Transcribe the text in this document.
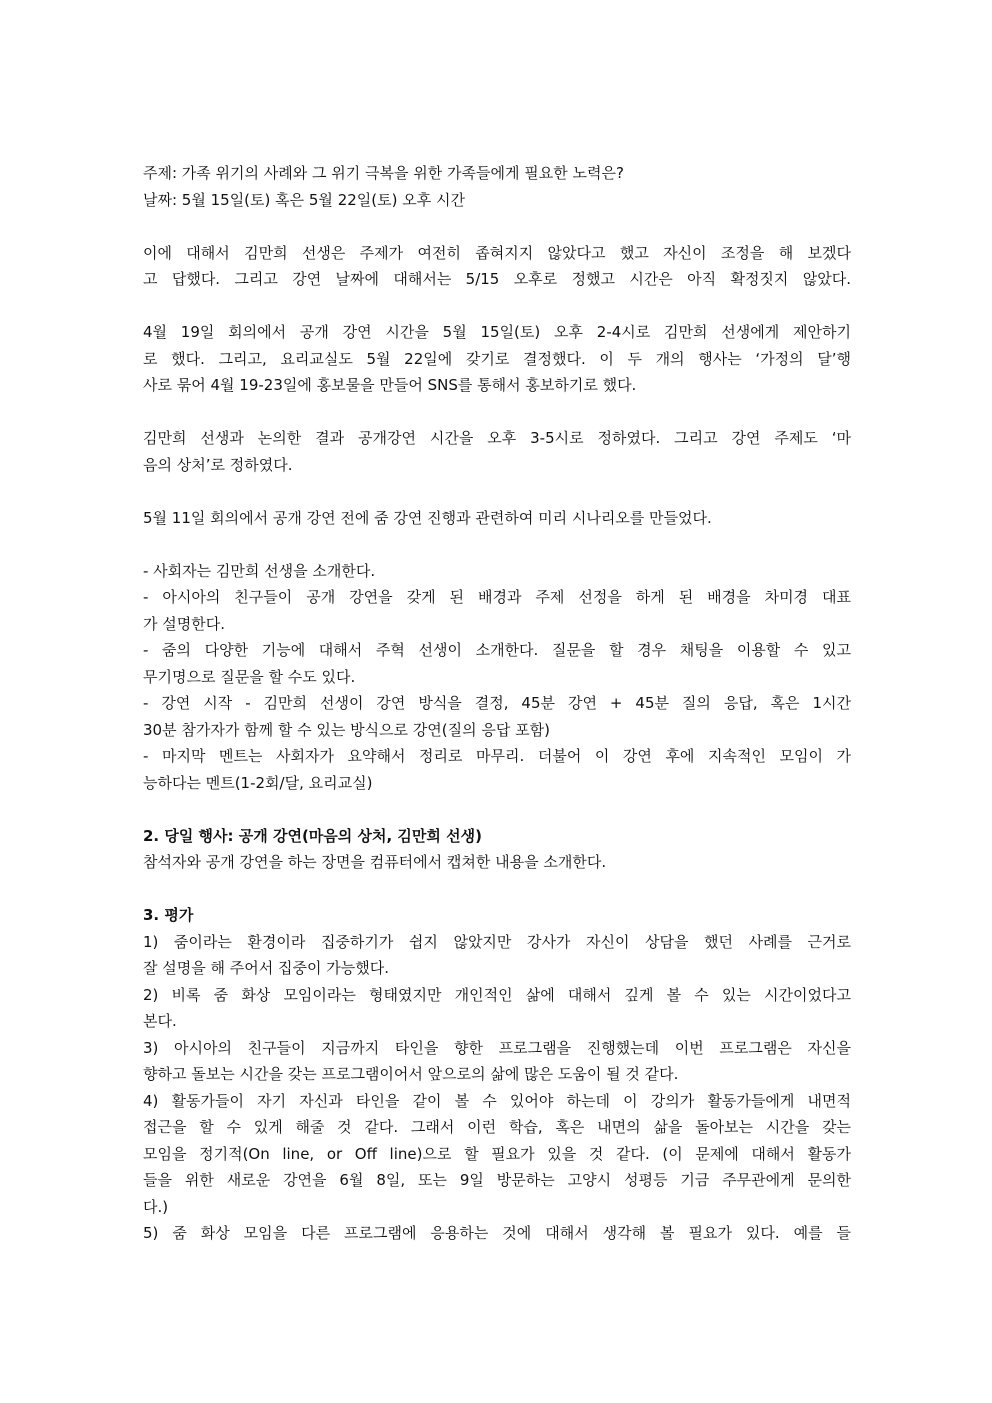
주제: 가족 위기의 사례와 그 위기 극복을 위한 가족들에게 필요한 노력은?
날짜: 5월 15일(토) 혹은 5월 22일(토) 오후 시간
이에 대해서 김만희 선생은 주제가 여전히 좁혀지지 않았다고 했고 자신이 조정을 해 보겠다
고 답했다. 그리고 강연 날짜에 대해서는 5/15 오후로 정했고 시간은 아직 확정짓지 않았다.
4월 19일 회의에서 공개 강연 시간을 5월 15일(토) 오후 2-4시로 김만희 선생에게 제안하기
로 했다. 그리고, 요리교실도 5월 22일에 갖기로 결정했다. 이 두 개의 행사는 ‘가정의 달’행
사로 묶어 4월 19-23일에 홍보물을 만들어 SNS를 통해서 홍보하기로 했다.
김만희 선생과 논의한 결과 공개강연 시간을 오후 3-5시로 정하였다. 그리고 강연 주제도 ‘마
음의 상처’로 정하였다.
5월 11일 회의에서 공개 강연 전에 줌 강연 진행과 관련하여 미리 시나리오를 만들었다.
- 사회자는 김만희 선생을 소개한다.
- 아시아의 친구들이 공개 강연을 갖게 된 배경과 주제 선정을 하게 된 배경을 차미경 대표
가 설명한다.
- 줌의 다양한 기능에 대해서 주혁 선생이 소개한다. 질문을 할 경우 채팅을 이용할 수 있고
무기명으로 질문을 할 수도 있다.
- 강연 시작 - 김만희 선생이 강연 방식을 결정, 45분 강연 + 45분 질의 응답, 혹은 1시간
30분 참가자가 함께 할 수 있는 방식으로 강연(질의 응답 포함)
- 마지막 멘트는 사회자가 요약해서 정리로 마무리. 더불어 이 강연 후에 지속적인 모임이 가
능하다는 멘트(1-2회/달, 요리교실)
2. 당일 행사: 공개 강연(마음의 상처, 김만희 선생)
참석자와 공개 강연을 하는 장면을 컴퓨터에서 캡쳐한 내용을 소개한다.
3. 평가
1) 줌이라는 환경이라 집중하기가 쉽지 않았지만 강사가 자신이 상담을 했던 사례를 근거로
잘 설명을 해 주어서 집중이 가능했다.
2) 비록 줌 화상 모임이라는 형태였지만 개인적인 삶에 대해서 깊게 볼 수 있는 시간이었다고
본다.
3) 아시아의 친구들이 지금까지 타인을 향한 프로그램을 진행했는데 이번 프로그램은 자신을
향하고 돌보는 시간을 갖는 프로그램이어서 앞으로의 삶에 많은 도움이 될 것 같다.
4) 활동가들이 자기 자신과 타인을 같이 볼 수 있어야 하는데 이 강의가 활동가들에게 내면적
접근을 할 수 있게 해줄 것 같다. 그래서 이런 학습, 혹은 내면의 삶을 돌아보는 시간을 갖는
모임을 정기적(On line, or Off line)으로 할 필요가 있을 것 같다. (이 문제에 대해서 활동가
들을 위한 새로운 강연을 6월 8일, 또는 9일 방문하는 고양시 성평등 기금 주무관에게 문의한
다.)
5) 줌 화상 모임을 다른 프로그램에 응용하는 것에 대해서 생각해 볼 필요가 있다. 예를 들
